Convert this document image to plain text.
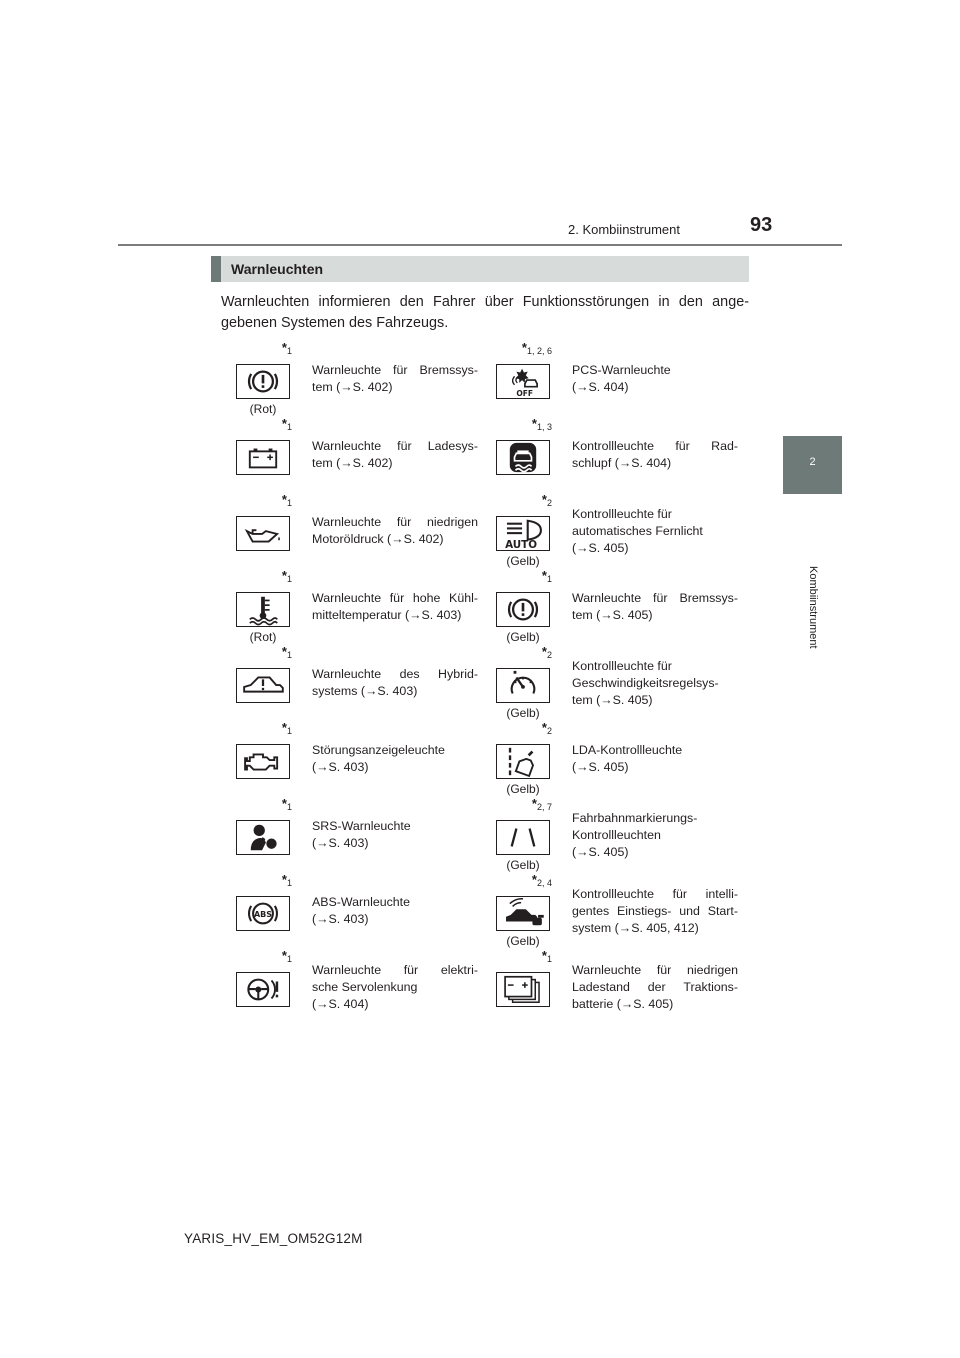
2. Kombiinstrument	93
2
Kombiinstrument
Warnleuchten
Warnleuchten informieren den Fahrer über Funktionsstörungen in den ange-
gebenen Systemen des Fahrzeugs.
$*_1$
(Rot)
Warnleuchte für Bremssys-
tem (→S. 402)
$*_{1, 2, 6}$
OFF
PCS-Warnleuchte
(→S. 404)
$*_1$
Warnleuchte für Ladesys-
tem (→S. 402)
$*_{1, 3}$
Kontrollleuchte für Rad-
schlupf (→S. 404)
$*_1$
Warnleuchte für niedrigen
Motoröldruck (→S. 402)
$*_2$
AUTO
(Gelb)
Kontrollleuchte für
automatisches Fernlicht
(→S. 405)
$*_1$
(Rot)
Warnleuchte für hohe Kühl-
mitteltemperatur (→S. 403)
$*_1$
(Gelb)
Warnleuchte für Bremssys-
tem (→S. 405)
$*_1$
Warnleuchte des Hybrid-
systems (→S. 403)
$*_2$
(Gelb)
Kontrollleuchte für
Geschwindigkeitsregelsys-
tem (→S. 405)
$*_1$
Störungsanzeigeleuchte
(→S. 403)
$*_2$
(Gelb)
LDA-Kontrollleuchte
(→S. 405)
$*_1$
SRS-Warnleuchte
(→S. 403)
$*_{2, 7}$
(Gelb)
Fahrbahnmarkierungs-
Kontrollleuchten
(→S. 405)
$*_1$
ABS
ABS-Warnleuchte
(→S. 403)
$*_{2, 4}$
(Gelb)
Kontrollleuchte für intelli-
gentes Einstiegs- und Start-
system (→S. 405, 412)
$*_1$
Warnleuchte für elektri-
sche Servolenkung
(→S. 404)
$*_1$
Warnleuchte für niedrigen
Ladestand der Traktions-
batterie (→S. 405)
YARIS_HV_EM_OM52G12M
